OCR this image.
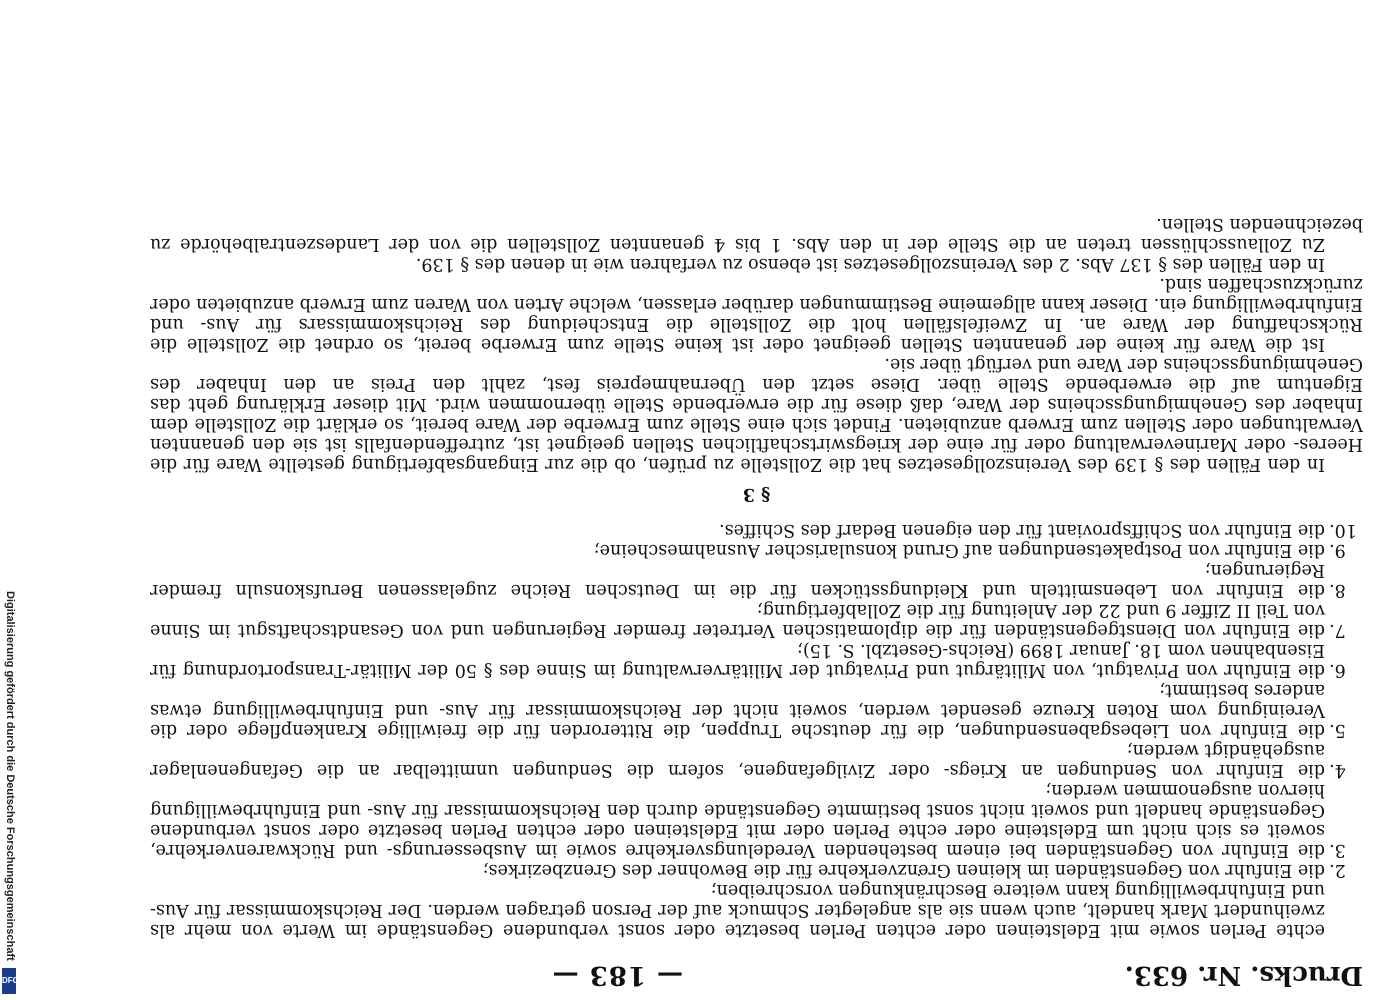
Digitalisierung gefördert durch die Deutsche Forschungsgemeinschaft
DFG	Drucks. Nr. 633.
— 183 —
echte Perlen sowie mit Edelsteinen oder echten Perlen besetzte oder sonst verbundene Gegenstände im Werte von mehr als zweihundert Mark handelt, auch wenn sie als angelegter Schmuck auf der Person getragen werden. Der Reichskommissar für Aus- und Einfuhrbewilligung kann weitere Beschränkungen vorschreiben;
2.
die Einfuhr von Gegenständen im kleinen Grenzverkehre für die Bewohner des Grenzbezirkes;
3.
die Einfuhr von Gegenständen bei einem bestehenden Veredelungsverkehre sowie im Ausbesserungs- und Rückwarenverkehre, soweit es sich nicht um Edelsteine oder echte Perlen oder mit Edelsteinen oder echten Perlen besetzte oder sonst verbundene Gegenstände handelt und soweit nicht sonst bestimmte Gegenstände durch den Reichskommissar für Aus- und Einfuhrbewilligung hiervon ausgenommen werden;
4.
die Einfuhr von Sendungen an Kriegs- oder Zivilgefangene, sofern die Sendungen unmittelbar an die Gefangenenlager ausgehändigt werden;
5.
die Einfuhr von Liebesgabensendungen, die für deutsche Truppen, die Ritterorden für die freiwillige Krankenpflege oder die Vereinigung vom Roten Kreuze gesendet werden, soweit nicht der Reichskommissar für Aus- und Einfuhrbewilligung etwas anderes bestimmt;
6.
die Einfuhr von Privatgut, von Militärgut und Privatgut der Militärverwaltung im Sinne des § 50 der Militär-Transportordnung für Eisenbahnen vom 18. Januar 1899 (Reichs-Gesetzbl. S. 15);
7.
die Einfuhr von Dienstgegenständen für die diplomatischen Vertreter fremder Regierungen und von Gesandtschaftsgut im Sinne von Teil II Ziffer 9 und 22 der Anleitung für die Zollabfertigung;
8.
die Einfuhr von Lebensmitteln und Kleidungsstücken für die im Deutschen Reiche zugelassenen Berufskonsuln fremder Regierungen;
9.
die Einfuhr von Postpaketsendungen auf Grund konsularischer Ausnahmescheine;
10.
die Einfuhr von Schiffsproviant für den eigenen Bedarf des Schiffes.
§ 3

In den Fällen des § 139 des Vereinszollgesetzes hat die Zollstelle zu prüfen, ob die zur Eingangsabfertigung gestellte Ware für die Heeres- oder Marineverwaltung oder für eine der kriegswirtschaftlichen Stellen geeignet ist, zutreffendenfalls ist sie den genannten Verwaltungen oder Stellen zum Erwerb anzubieten. Findet sich eine Stelle zum Erwerbe der Ware bereit, so erklärt die Zollstelle dem Inhaber des Genehmigungsscheins der Ware, daß diese für die erwerbende Stelle übernommen wird. Mit dieser Erklärung geht das Eigentum auf die erwerbende Stelle über. Diese setzt den Übernahmepreis fest, zahlt den Preis an den Inhaber des Genehmigungsscheins der Ware und verfügt über sie.

Ist die Ware für keine der genannten Stellen geeignet oder ist keine Stelle zum Erwerbe bereit, so ordnet die Zollstelle die Rückschaffung der Ware an. In Zweifelsfällen holt die Zollstelle die Entscheidung des Reichskommissars für Aus- und Einfuhrbewilligung ein. Dieser kann allgemeine Bestimmungen darüber erlassen, welche Arten von Waren zum Erwerb anzubieten oder zurückzuschaffen sind.

In den Fällen des § 137 Abs. 2 des Vereinszollgesetzes ist ebenso zu verfahren wie in denen des § 139.

Zu Zollausschlüssen treten an die Stelle der in den Abs. 1 bis 4 genannten Zollstellen die von der Landeszentralbehörde zu bezeichnenden Stellen.
